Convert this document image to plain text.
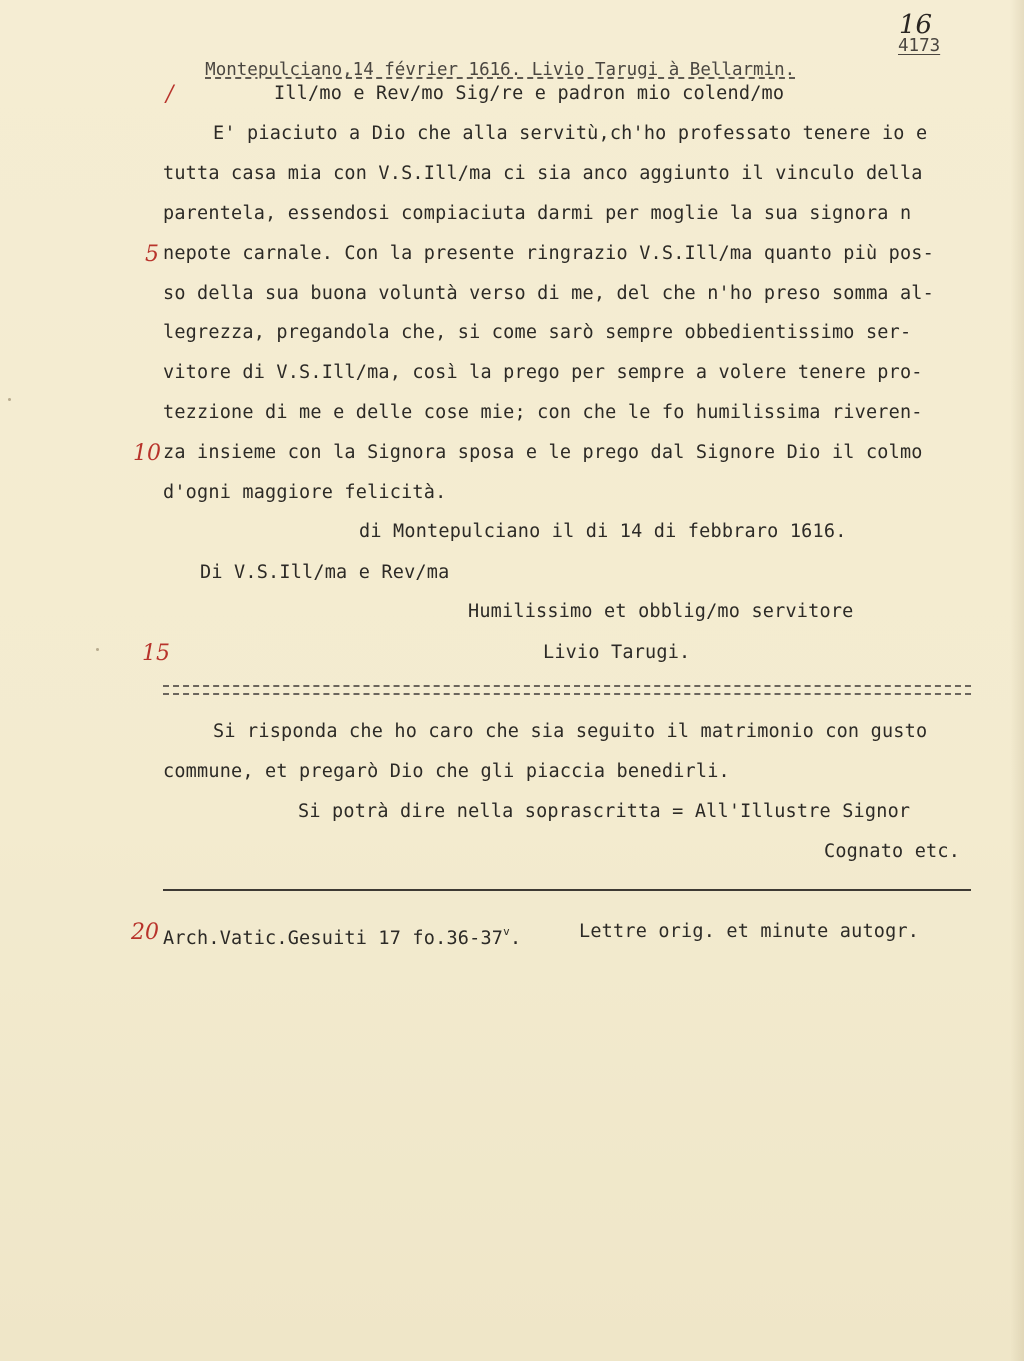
Montepulciano,14 février 1616. Livio Tarugi à Bellarmin.

4173

16
/
5
10
15
20
Ill/mo e Rev/mo Sig/re e padron mio colend/mo
E' piaciuto a Dio che alla servitù,ch'ho professato tenere io e
tutta casa mia con V.S.Ill/ma ci sia anco aggiunto il vinculo della
parentela, essendosi compiaciuta darmi per moglie la sua signora n
nepote carnale. Con la presente ringrazio V.S.Ill/ma quanto più pos-
so della sua buona voluntà verso di me, del che n'ho preso somma al-
legrezza, pregandola che, si come sarò sempre obbedientissimo ser-
vitore di V.S.Ill/ma, così la prego per sempre a volere tenere pro-
tezzione di me e delle cose mie; con che le fo humilissima riveren-
za insieme con la Signora sposa e le prego dal Signore Dio il colmo
d'ogni maggiore felicità.
di Montepulciano il di 14 di febbraro 1616.
Di V.S.Ill/ma e Rev/ma
Humilissimo et obblig/mo servitore
Livio Tarugi.
Si risponda che ho caro che sia seguito il matrimonio con gusto
commune, et pregarò Dio che gli piaccia benedirli.
Si potrà dire nella soprascritta = All'Illustre Signor
Cognato etc.
Arch.Vatic.Gesuiti 17 fo.36-37$^v$.	Lettre orig. et minute autogr.
